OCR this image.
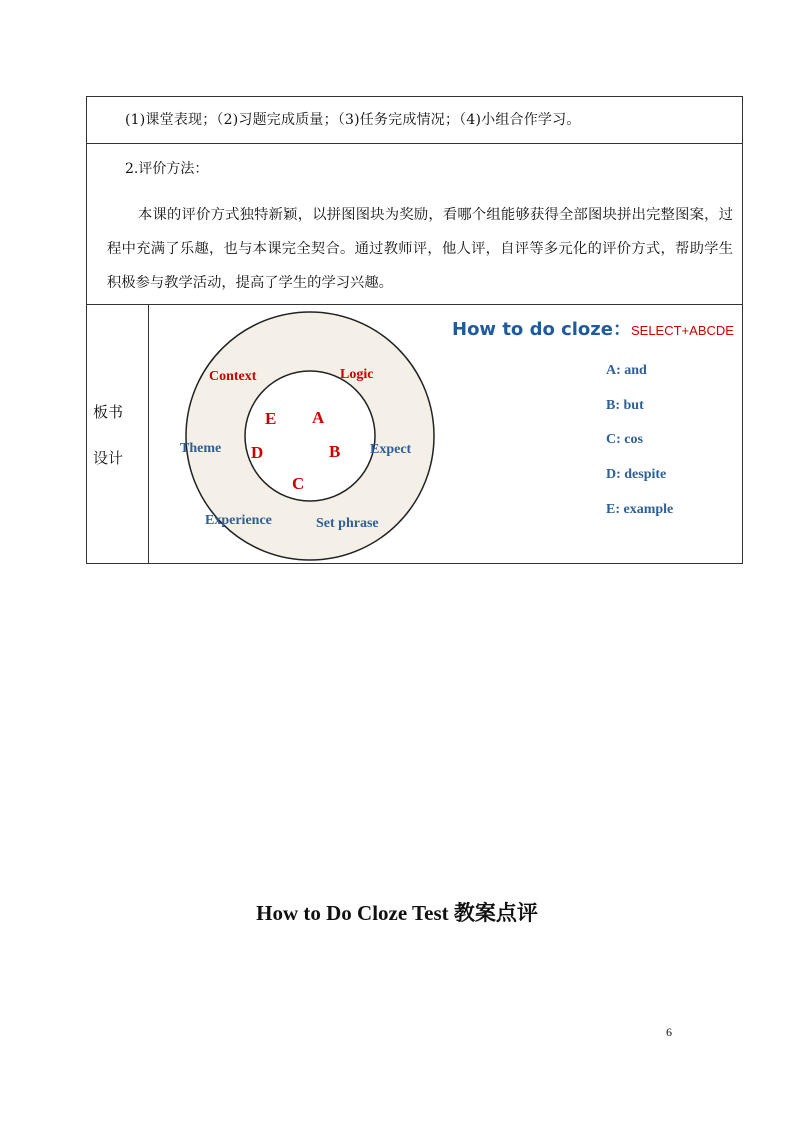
(1)课堂表现；（2)习题完成质量；（3)任务完成情况；（4)小组合作学习。
2.评价方法：
本课的评价方式独特新颖，以拼图图块为奖励，看哪个组能够获得全部图块拼出完整图案，过程中充满了乐趣，也与本课完全契合。通过教师评，他人评，自评等多元化的评价方式，帮助学生积极参与教学活动，提高了学生的学习兴趣。
板书
设计
Context	Logic
Theme	Expect
Experience	Set phrase
E A
D	B
C
How to do cloze：SELECT+ABCDE
A: and
B: but
C: cos
D: despite
E: example
How to Do Cloze Test 教案点评
6
